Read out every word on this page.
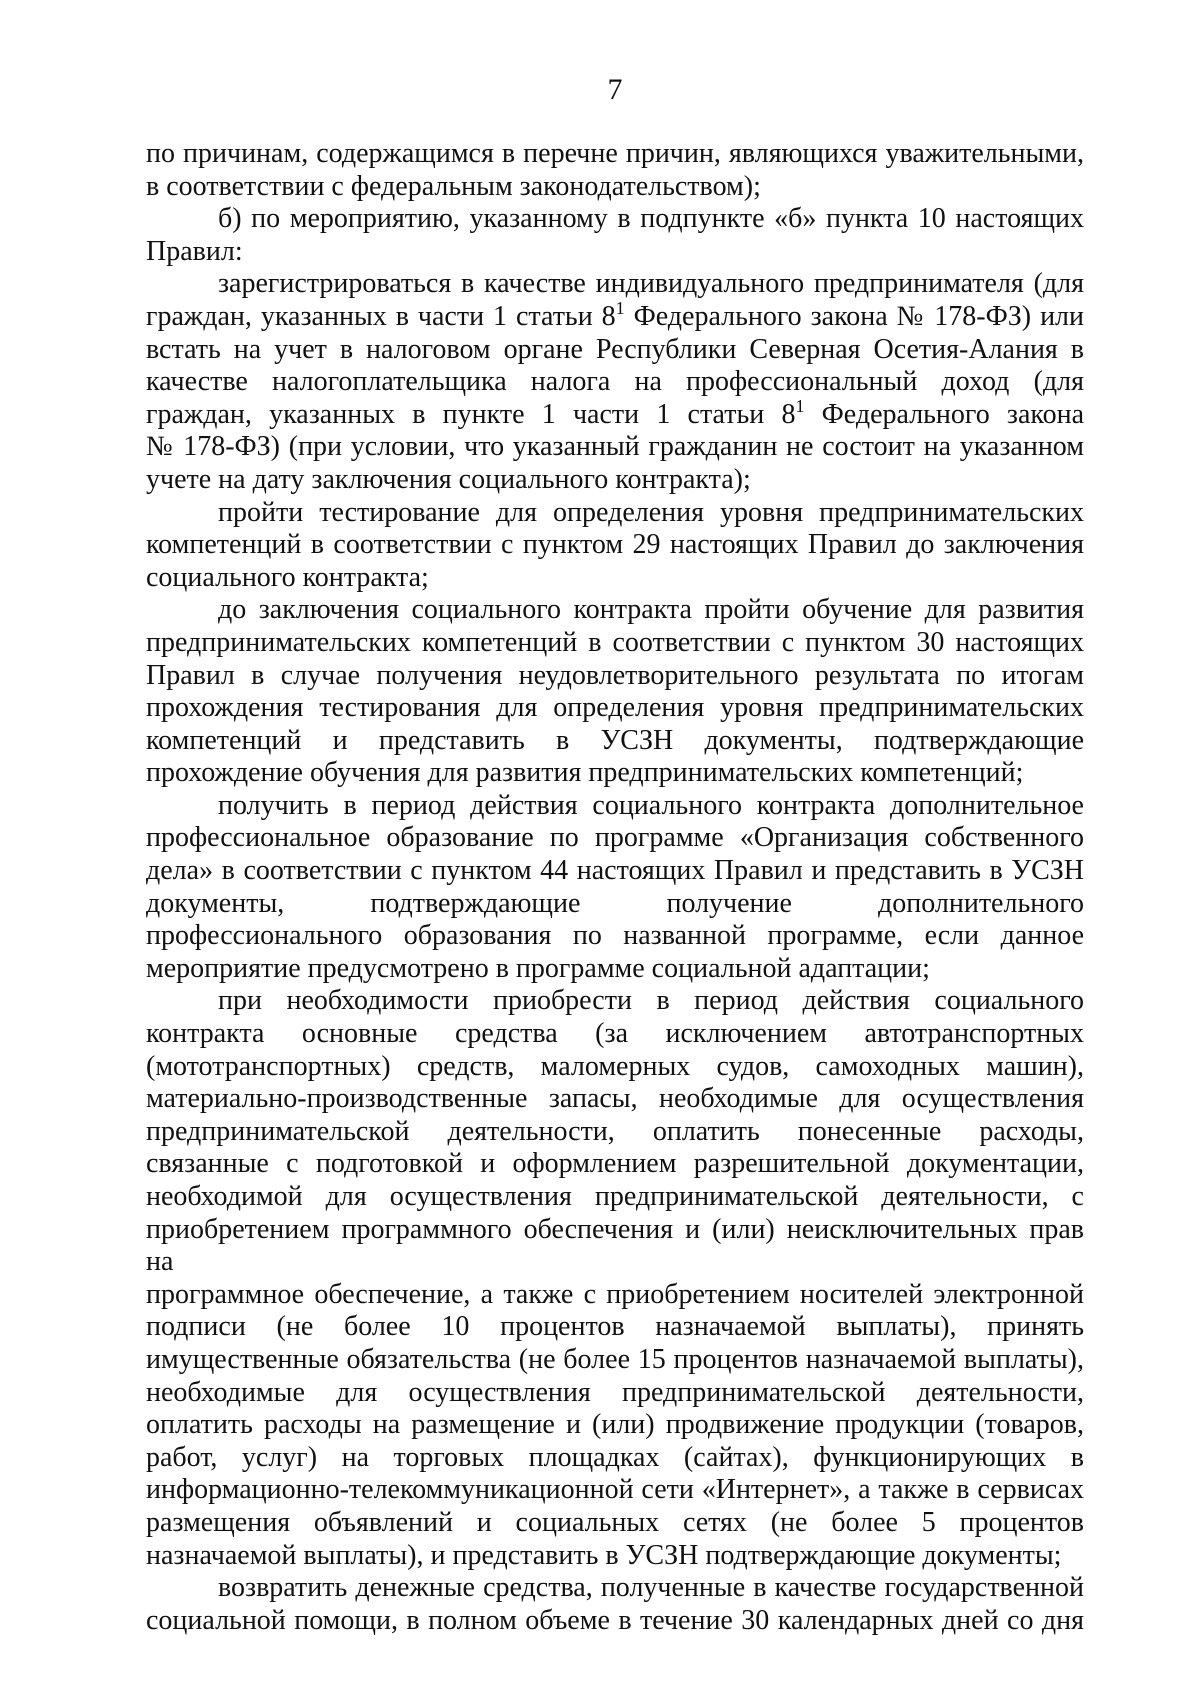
7

по причинам, содержащимся в перечне причин, являющихся уважительными,
в соответствии с федеральным законодательством);

б) по мероприятию, указанному в подпункте «б» пункта 10 настоящих
Правил:

зарегистрироваться в качестве индивидуального предпринимателя (для
граждан, указанных в части 1 статьи $8^1$ Федерального закона № 178-ФЗ) или
встать на учет в налоговом органе Республики Северная Осетия-Алания в
качестве налогоплательщика налога на профессиональный доход (для
граждан, указанных в пункте 1 части 1 статьи $8^1$ Федерального закона
№ 178-ФЗ) (при условии, что указанный гражданин не состоит на указанном
учете на дату заключения социального контракта);

пройти тестирование для определения уровня предпринимательских
компетенций в соответствии с пунктом 29 настоящих Правил до заключения
социального контракта;

до заключения социального контракта пройти обучение для развития
предпринимательских компетенций в соответствии с пунктом 30 настоящих
Правил в случае получения неудовлетворительного результата по итогам
прохождения тестирования для определения уровня предпринимательских
компетенций и представить в УСЗН документы, подтверждающие
прохождение обучения для развития предпринимательских компетенций;

получить в период действия социального контракта дополнительное
профессиональное образование по программе «Организация собственного
дела» в соответствии с пунктом 44 настоящих Правил и представить в УСЗН
документы, подтверждающие получение дополнительного
профессионального образования по названной программе, если данное
мероприятие предусмотрено в программе социальной адаптации;

при необходимости приобрести в период действия социального
контракта основные средства (за исключением автотранспортных
(мототранспортных) средств, маломерных судов, самоходных машин),
материально-производственные запасы, необходимые для осуществления
предпринимательской деятельности, оплатить понесенные расходы,
связанные с подготовкой и оформлением разрешительной документации,
необходимой для осуществления предпринимательской деятельности, с
приобретением программного обеспечения и (или) неисключительных прав на
программное обеспечение, а также с приобретением носителей электронной
подписи (не более 10 процентов назначаемой выплаты), принять
имущественные обязательства (не более 15 процентов назначаемой выплаты),
необходимые для осуществления предпринимательской деятельности,
оплатить расходы на размещение и (или) продвижение продукции (товаров,
работ, услуг) на торговых площадках (сайтах), функционирующих в
информационно-телекоммуникационной сети «Интернет», а также в сервисах
размещения объявлений и социальных сетях (не более 5 процентов
назначаемой выплаты), и представить в УСЗН подтверждающие документы;

возвратить денежные средства, полученные в качестве государственной
социальной помощи, в полном объеме в течение 30 календарных дней со дня
